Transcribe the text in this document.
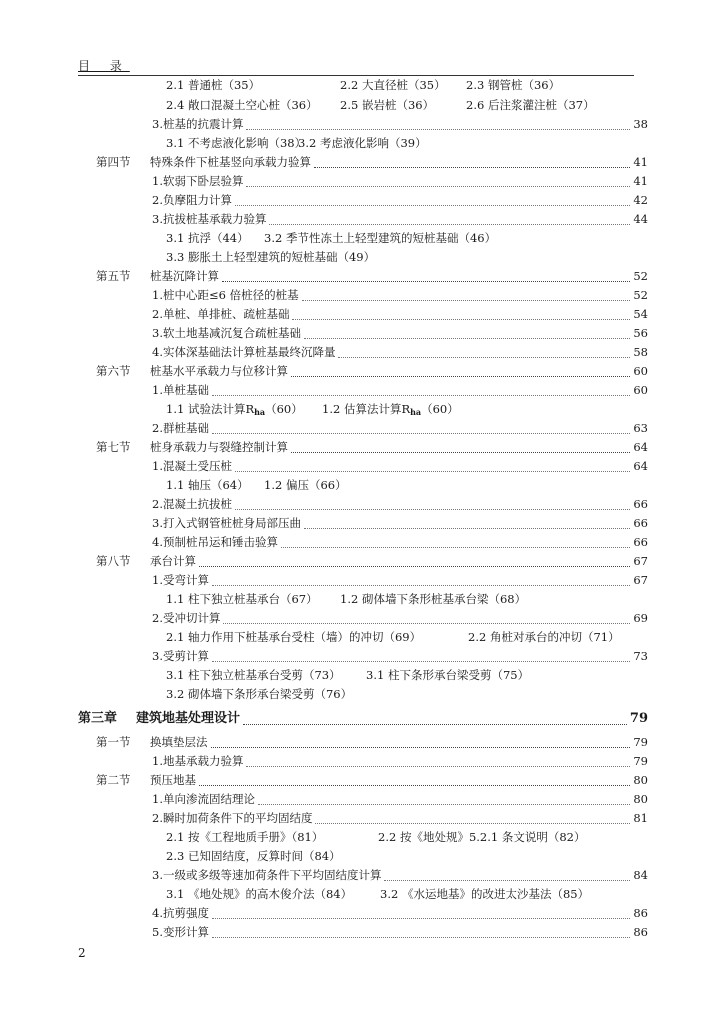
目 录
2.1 普通桩（35）	2.2 大直径桩（35） 2.3 钢管桩（36）
2.4 敞口混凝土空心桩（36） 2.5 嵌岩桩（36）	2.6 后注浆灌注桩（37）
3.桩基的抗震计算	38
3.1 不考虑液化影响（38）
3.2 考虑液化影响（39）
第四节 特殊条件下桩基竖向承载力验算	41
1.软弱下卧层验算	41
2.负摩阻力计算	42
3.抗拔桩基承载力验算	44
3.1 抗浮（44） 3.2 季节性冻土上轻型建筑的短桩基础（46）
3.3 膨胀土上轻型建筑的短桩基础（49）
第五节 桩基沉降计算	52
1.桩中心距≤6 倍桩径的桩基	52
2.单桩、单排桩、疏桩基础	54
3.软土地基减沉复合疏桩基础	56
4.实体深基础法计算桩基最终沉降量	58
第六节 桩基水平承载力与位移计算	60
1.单桩基础	60
1.1 试验法计算$R_{ha}(60)$ 1.2 估算法计算$R_{ha}(60)$
2.群桩基础	63
第七节 桩身承载力与裂缝控制计算	64
1.混凝土受压桩	64
1.1 轴压（64） 1.2 偏压（66）
2.混凝土抗拔桩	66
3.打入式钢管桩桩身局部压曲	66
4.预制桩吊运和锤击验算	66
第八节 承台计算	67
1.受弯计算	67
1.1 柱下独立桩基承台（67） 1.2 砌体墙下条形桩基承台梁（68）
2.受冲切计算	69
2.1 轴力作用下桩基承台受柱（墙）的冲切（69）	2.2 角桩对承台的冲切（71）
3.受剪计算	73
3.1 柱下独立桩基承台受剪（73） 3.1 柱下条形承台梁受剪（75）
3.2 砌体墙下条形承台梁受剪（76）
第三章 建筑地基处理设计	79
第一节 换填垫层法	79
1.地基承载力验算	79
第二节 预压地基	80
1.单向渗流固结理论	80
2.瞬时加荷条件下的平均固结度	81
2.1 按《工程地质手册》（81）	2.2 按《地处规》5.2.1 条文说明（82）
2.3 已知固结度，反算时间（84）
3.一级或多级等速加荷条件下平均固结度计算	84
3.1 《地处规》的高木俊介法（84） 3.2 《水运地基》的改进太沙基法（85）
4.抗剪强度	86
5.变形计算	86
2
